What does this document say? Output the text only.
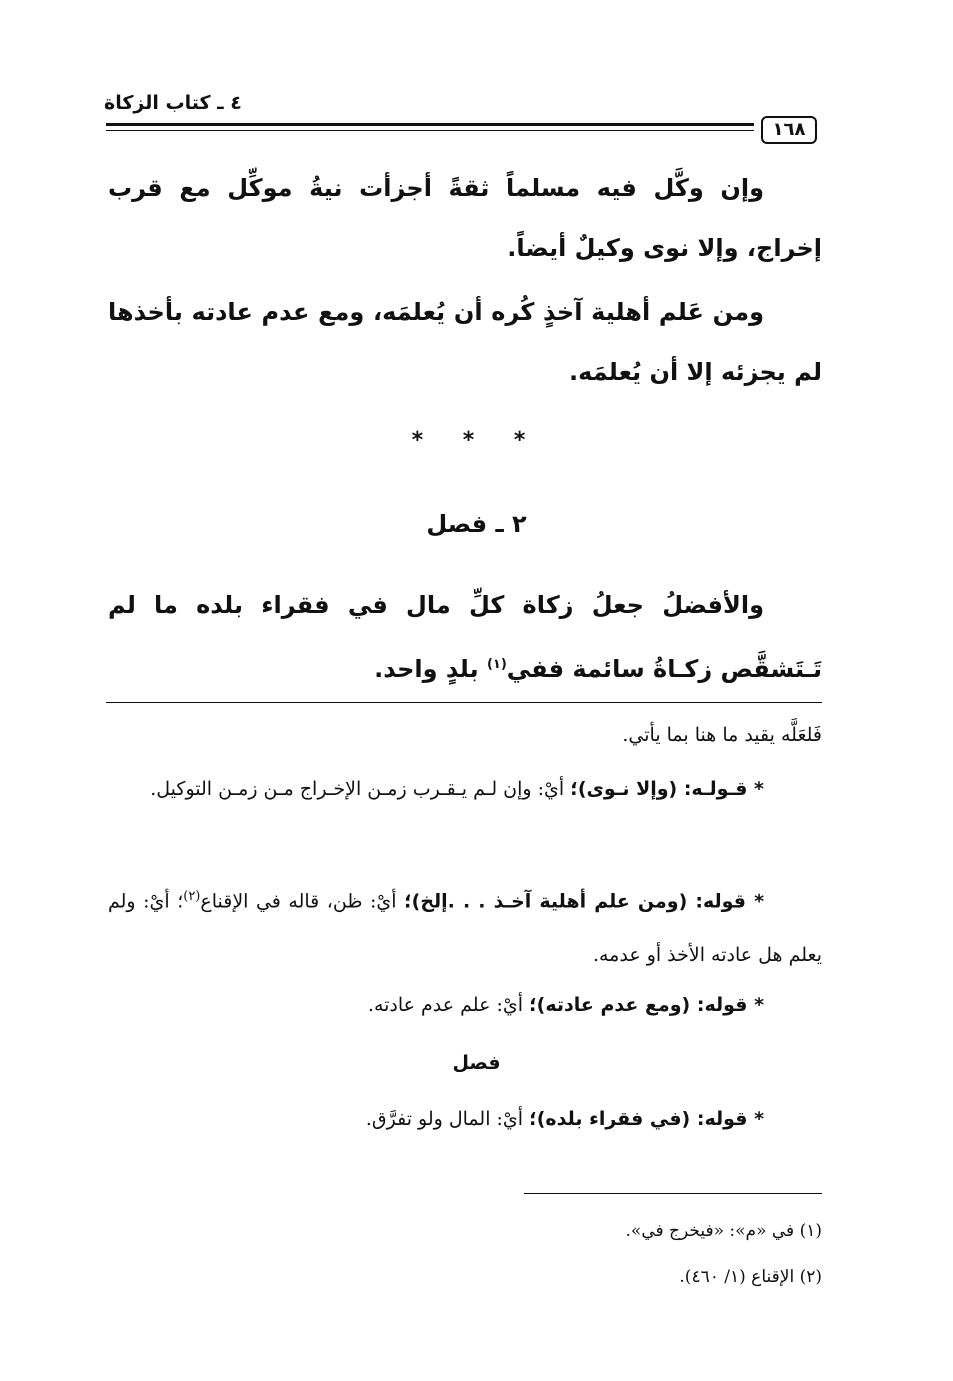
٤ ـ كتاب الزكاة
١٦٨
وإن وكَّل فيه مسلماً ثقةً أجزأت نيةُ موكِّل مع قرب إخراج، وإلا نوى وكيلٌ أيضاً.
ومن عَلم أهلية آخذٍ كُره أن يُعلمَه، ومع عدم عادته بأخذها لم يجزئه إلا أن يُعلمَه.
* * *
٢ ـ فصل
والأفضلُ جعلُ زكاة كلِّ مال في فقراء بلده ما لم تَـتَشقَّص زكـاةُ سائمة ففي$^{(١)}$ بلدٍ واحد.
فَلعَلَّه يقيد ما هنا بما يأتي.
* قـولـه: (وإلا نـوى)؛ أيْ: وإن لـم يـقـرب زمـن الإخـراج مـن زمـن التوكيل.
* قوله: (ومن علم أهلية آخـذ . . .إلخ)؛ أيْ: ظن، قاله في الإقناع$^{(٢)}$؛ أيْ: ولم يعلم هل عادته الأخذ أو عدمه.
* قوله: (ومع عدم عادته)؛ أيْ: علم عدم عادته.
فصل
* قوله: (في فقراء بلده)؛ أيْ: المال ولو تفرَّق.
(١) في «م»: «فيخرج في».
(٢) الإقناع (١/ ٤٦٠).
